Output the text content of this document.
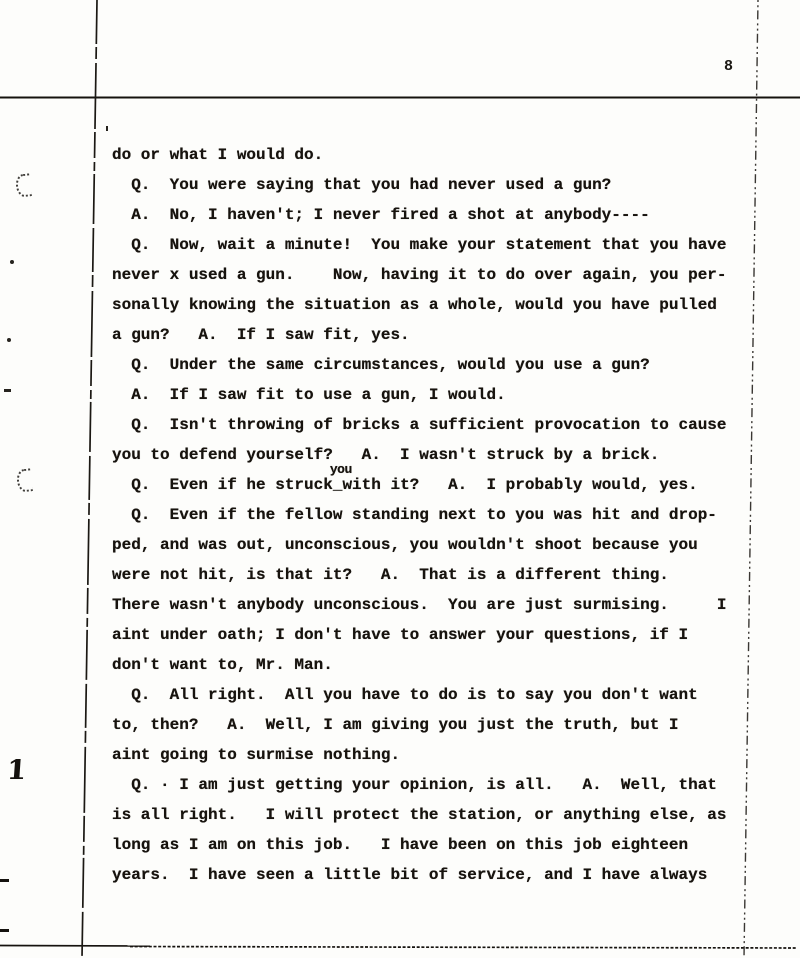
8
do or what I would do.
Q.  You were saying that you had never used a gun?
A.  No, I haven't; I never fired a shot at anybody----
Q.  Now, wait a minute!  You make your statement that you have
never x used a gun.    Now, having it to do over again, you per-
sonally knowing the situation as a whole, would you have pulled
a gun?   A.  If I saw fit, yes.
Q.  Under the same circumstances, would you use a gun?
A.  If I saw fit to use a gun, I would.
Q.  Isn't throwing of bricks a sufficient provocation to cause
you to defend yourself?   A.  I wasn't struck by a brick.
Q.  Even if he struck_
you
with it?   A.  I probably would, yes.
Q.  Even if the fellow standing next to you was hit and drop-
ped, and was out, unconscious, you wouldn't shoot because you
were not hit, is that it?   A.  That is a different thing.
There wasn't anybody unconscious.  You are just surmising.     I
aint under oath; I don't have to answer your questions, if I
don't want to, Mr. Man.
Q.  All right.  All you have to do is to say you don't want
to, then?   A.  Well, I am giving you just the truth, but I
aint going to surmise nothing.
Q. · I am just getting your opinion, is all.   A.  Well, that
is all right.   I will protect the station, or anything else, as
long as I am on this job.   I have been on this job eighteen
years.  I have seen a little bit of service, and I have always
1
